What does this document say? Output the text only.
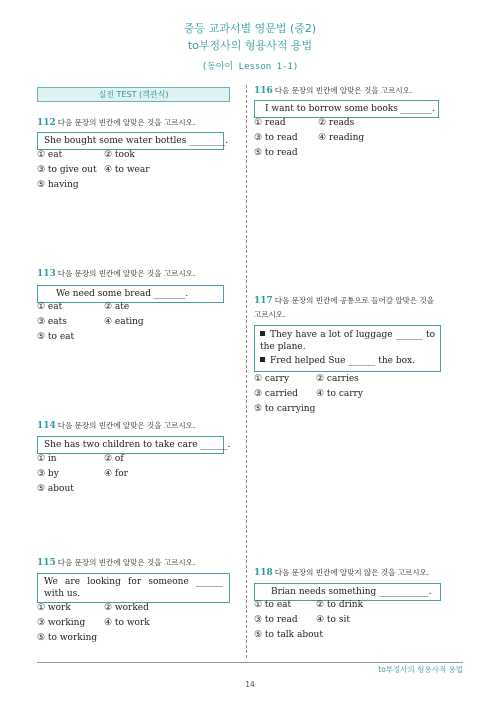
중등 교과서별 영문법 (중2)
to부정사의 형용사적 용법
(동아이 Lesson 1-1)
실전 TEST (객관식)
112 다음 문장의 빈칸에 알맞은 것을 고르시오.
She bought some water bottles ________.
① eat	② took
③ to give out ④ to wear
⑤ having
113 다음 문장의 빈칸에 알맞은 것을 고르시오.
We need some bread _______.
① eat	② ate
③ eats	④ eating
⑤ to eat
114 다음 문장의 빈칸에 알맞은 것을 고르시오.
She has two children to take care ______.
① in	② of
③ by	④ for
⑤ about
115 다음 문장의 빈칸에 알맞은 것을 고르시오.
We are looking for someone ______ with us.
① work	② worked
③ working ④ to work
⑤ to working
116 다음 문장의 빈칸에 알맞은 것을 고르시오.
I want to borrow some books _______.
① read	② reads
③ to read ④ reading
⑤ to read
117 다음 문장의 빈칸에 공통으로 들어갈 알맞은 것을
고르시오.
They have a lot of luggage ______ to the plane.
Fred helped Sue ______ the box.
① carry	② carries
③ carried ④ to carry
⑤ to carrying
118 다음 문장의 빈칸에 알맞지 않은 것을 고르시오.
Brian needs something ___________.
① to eat	② to drink
③ to read ④ to sit
⑤ to talk about
to부정사의 형용사적 용법
14
